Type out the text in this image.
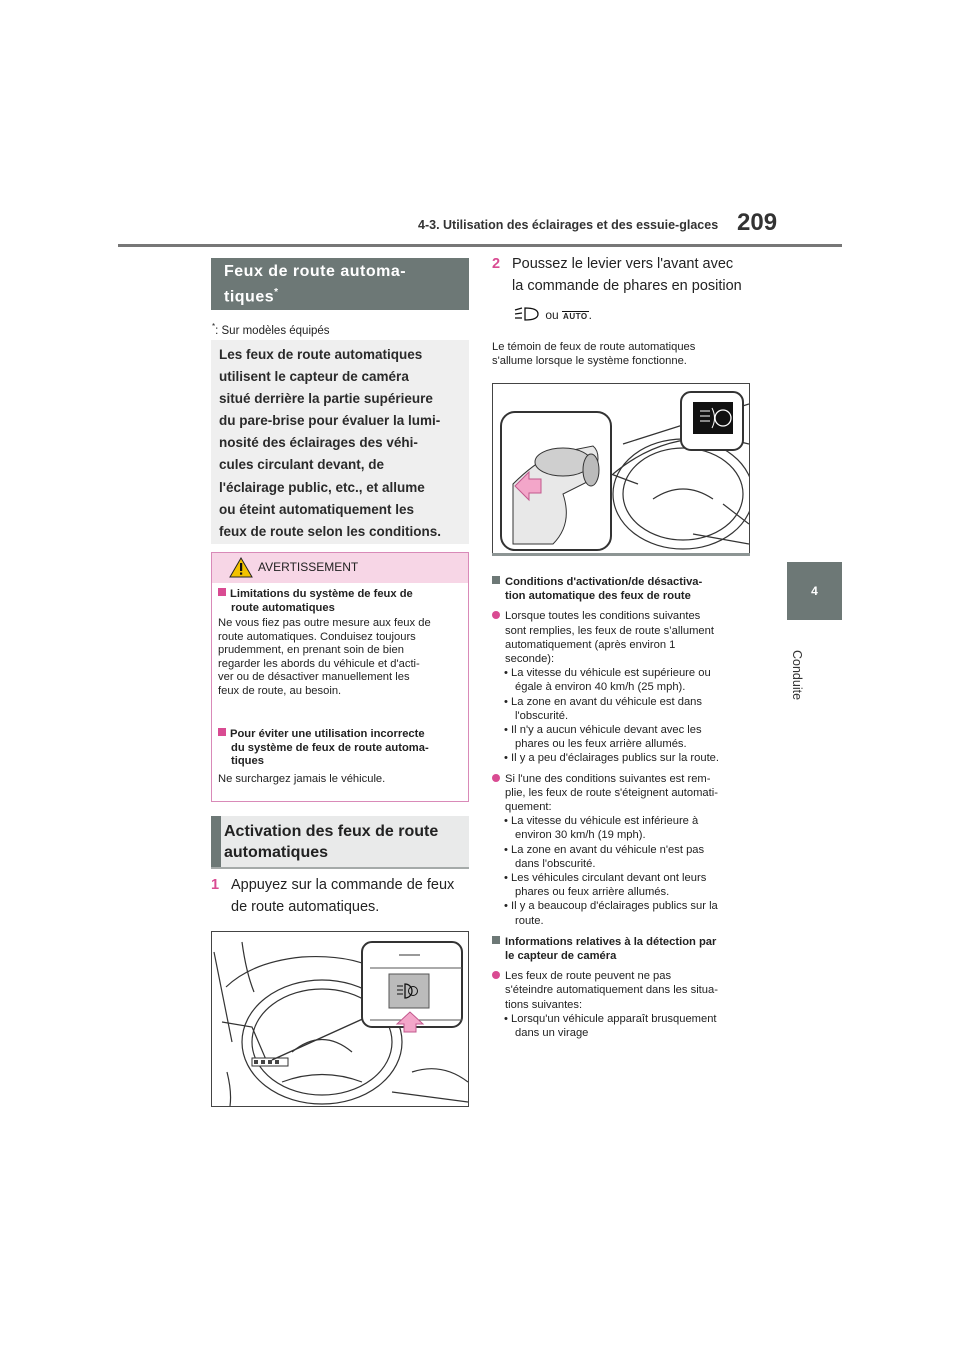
4-3. Utilisation des éclairages et des essuie-glaces 209
4
Conduite
Feux de route automa-
tiques*
*: Sur modèles équipés
Les feux de route automatiques
utilisent le capteur de caméra
situé derrière la partie supérieure
du pare-brise pour évaluer la lumi-
nosité des éclairages des véhi-
cules circulant devant, de
l'éclairage public, etc., et allume
ou éteint automatiquement les
feux de route selon les conditions.
AVERTISSEMENT
Limitations du système de feux de
route automatiques
Ne vous fiez pas outre mesure aux feux de
route automatiques. Conduisez toujours
prudemment, en prenant soin de bien
regarder les abords du véhicule et d'acti-
ver ou de désactiver manuellement les
feux de route, au besoin.
Pour éviter une utilisation incorrecte
du système de feux de route automa-
tiques
Ne surchargez jamais le véhicule.
Activation des feux de route
automatiques
1 Appuyez sur la commande de feux
de route automatiques.
2 Poussez le levier vers l'avant avec
la commande de phares en position
ou AUTO.
Le témoin de feux de route automatiques
s'allume lorsque le système fonctionne.
Conditions d'activation/de désactiva-
tion automatique des feux de route
Lorsque toutes les conditions suivantes
sont remplies, les feux de route s’allument
automatiquement (après environ 1
seconde):
• La vitesse du véhicule est supérieure ou
égale à environ 40 km/h (25 mph).
• La zone en avant du véhicule est dans
l'obscurité.
• Il n'y a aucun véhicule devant avec les
phares ou les feux arrière allumés.
• Il y a peu d'éclairages publics sur la route.
Si l'une des conditions suivantes est rem-
plie, les feux de route s'éteignent automati-
quement:
• La vitesse du véhicule est inférieure à
environ 30 km/h (19 mph).
• La zone en avant du véhicule n'est pas
dans l'obscurité.
• Les véhicules circulant devant ont leurs
phares ou feux arrière allumés.
• Il y a beaucoup d'éclairages publics sur la
route.
Informations relatives à la détection par
le capteur de caméra
Les feux de route peuvent ne pas
s'éteindre automatiquement dans les situa-
tions suivantes:
• Lorsqu'un véhicule apparaît brusquement
dans un virage
